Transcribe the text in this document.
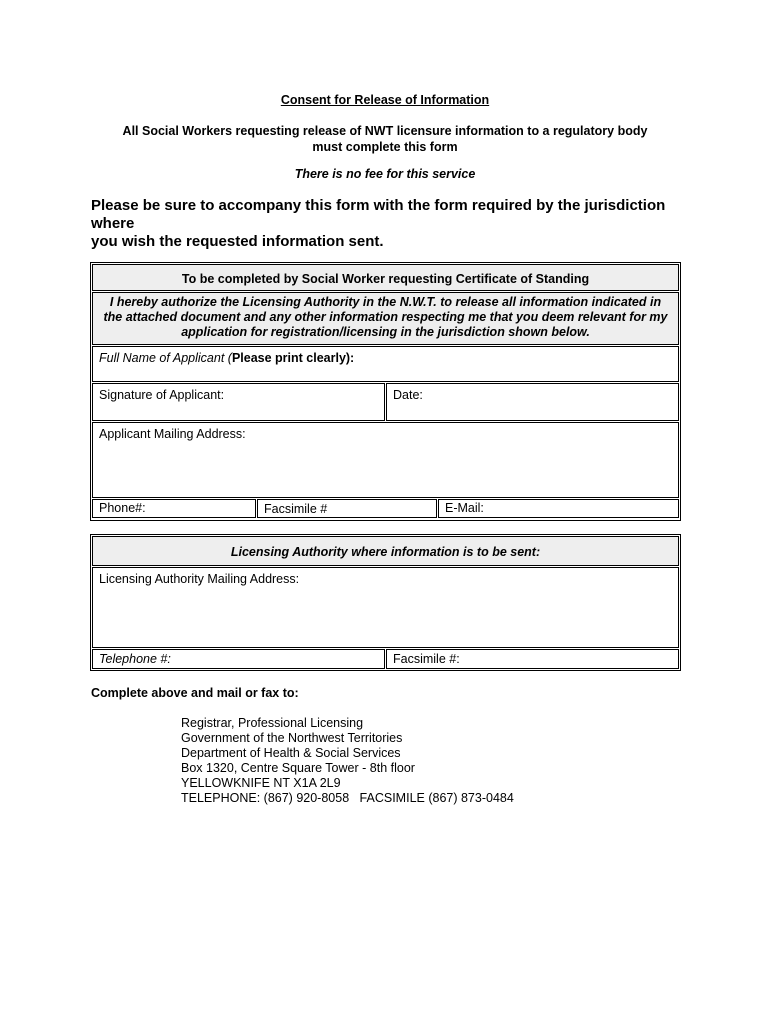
Consent for Release of Information
All Social Workers requesting release of NWT licensure information to a regulatory body
must complete this form
There is no fee for this service
Please be sure to accompany this form with the form required by the jurisdiction where
you wish the requested information sent.
To be completed by Social Worker requesting Certificate of Standing
I hereby authorize the Licensing Authority in the N.W.T. to release all information indicated in
the attached document and any other information respecting me that you deem relevant for my
application for registration/licensing in the jurisdiction shown below.
Full Name of Applicant (Please print clearly):
Signature of Applicant:	Date:
Applicant Mailing Address:
Phone#:	Facsimile #	E-Mail:
Licensing Authority where information is to be sent:
Licensing Authority Mailing Address:
Telephone #:	Facsimile #:
Complete above and mail or fax to:
Registrar, Professional Licensing
Government of the Northwest Territories
Department of Health & Social Services
Box 1320, Centre Square Tower - 8th floor
YELLOWKNIFE NT X1A 2L9
TELEPHONE: (867) 920-8058   FACSIMILE (867) 873-0484
